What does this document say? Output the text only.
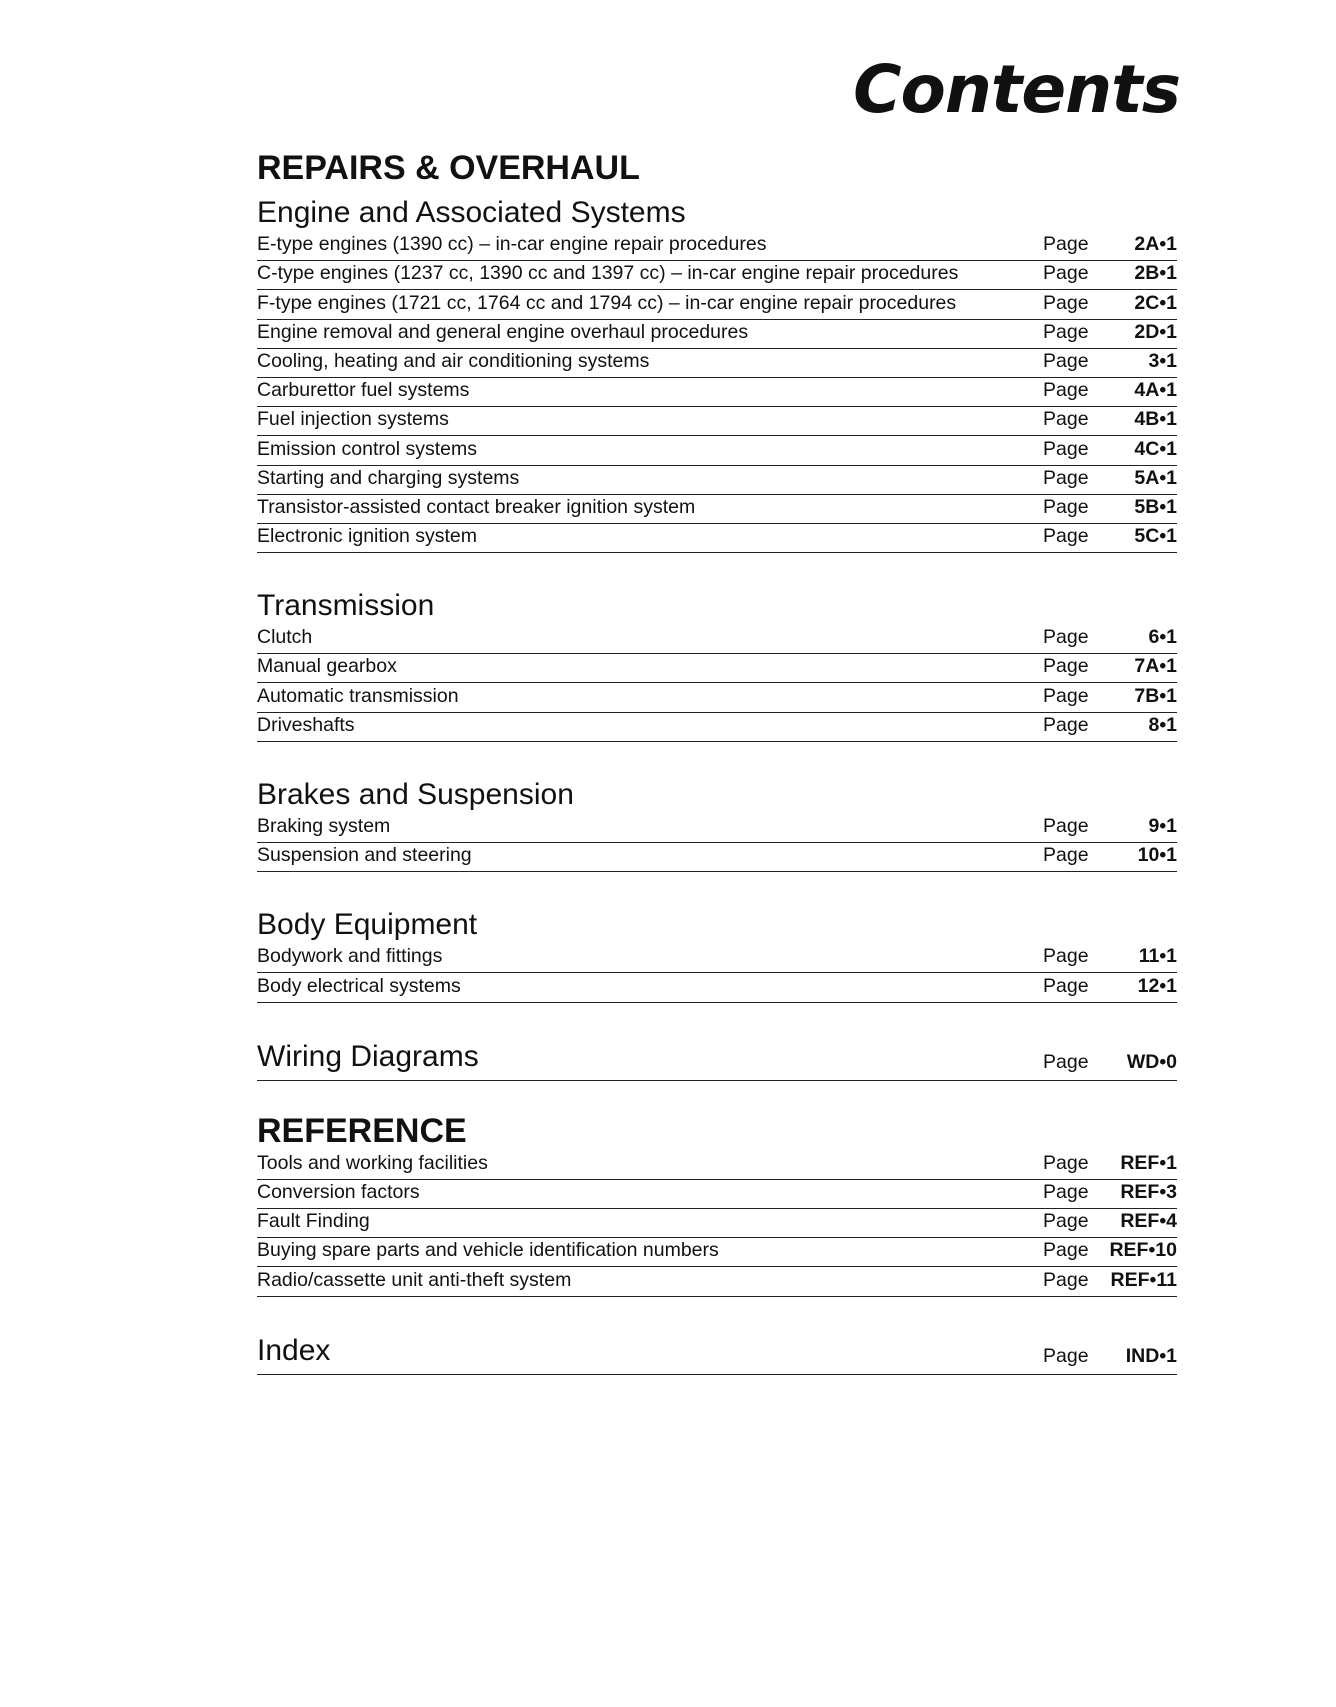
Contents
REPAIRS & OVERHAUL
Engine and Associated Systems
E-type engines (1390 cc) – in-car engine repair procedures	Page	2A•1
C-type engines (1237 cc, 1390 cc and 1397 cc) – in-car engine repair procedures	Page	2B•1
F-type engines (1721 cc, 1764 cc and 1794 cc) – in-car engine repair procedures	Page	2C•1
Engine removal and general engine overhaul procedures	Page	2D•1
Cooling, heating and air conditioning systems	Page	3•1
Carburettor fuel systems	Page	4A•1
Fuel injection systems	Page	4B•1
Emission control systems	Page	4C•1
Starting and charging systems	Page	5A•1
Transistor-assisted contact breaker ignition system	Page	5B•1
Electronic ignition system	Page	5C•1
Transmission
Clutch	Page	6•1
Manual gearbox	Page	7A•1
Automatic transmission	Page	7B•1
Driveshafts	Page	8•1
Brakes and Suspension
Braking system	Page	9•1
Suspension and steering	Page	10•1
Body Equipment
Bodywork and fittings	Page	11•1
Body electrical systems	Page	12•1
Wiring Diagrams	Page	WD•0
REFERENCE
Tools and working facilities	Page	REF•1
Conversion factors	Page	REF•3
Fault Finding	Page	REF•4
Buying spare parts and vehicle identification numbers	Page	REF•10
Radio/cassette unit anti-theft system	Page	REF•11
Index	Page	IND•1
